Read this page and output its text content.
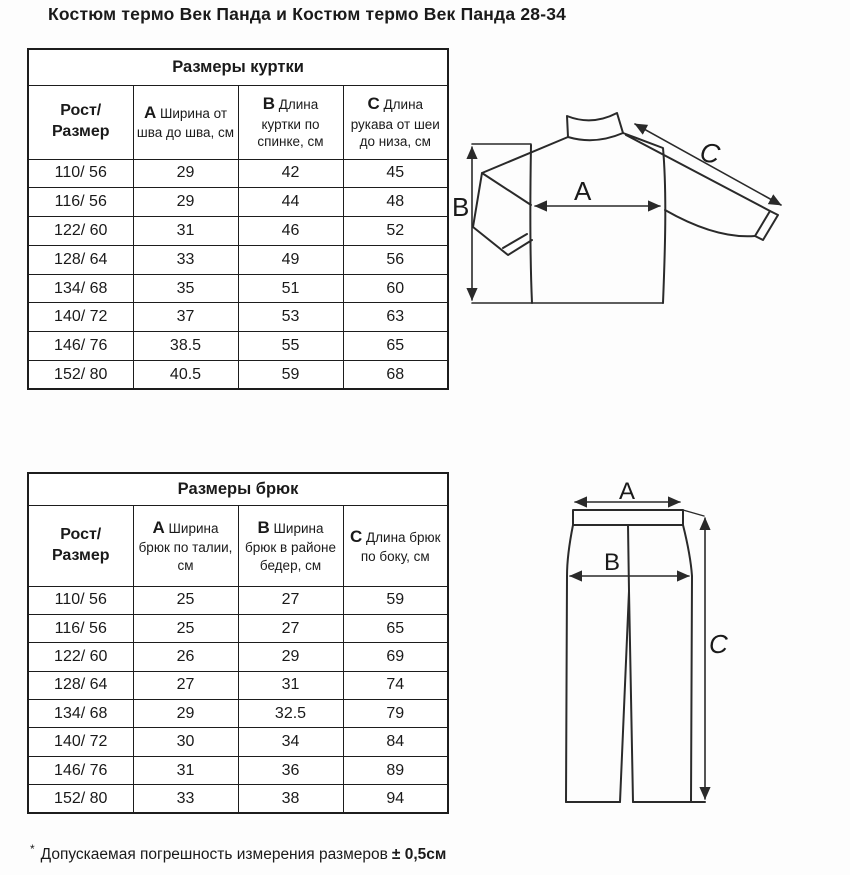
Костюм термо Век Панда и Костюм термо Век Панда 28-34
Размеры куртки			
Рост/Размер	A Ширина от шва до шва, см	B Длина куртки по спинке, см	C Длина рукава от шеи до низа, см
110/ 56	29	42	45
116/ 56	29	44	48
122/ 60	31	46	52
128/ 64	33	49	56
134/ 68	35	51	60
140/ 72	37	53	63
146/ 76	38.5	55	65
152/ 80	40.5	59	68
Размеры брюк			
Рост/Размер	A Ширина брюк по талии, см	B Ширина брюк в районе бедер, см	C Длина брюк по боку, см
110/ 56	25	27	59
116/ 56	25	27	65
122/ 60	26	29	69
128/ 64	27	31	74
134/ 68	29	32.5	79
140/ 72	30	34	84
146/ 76	31	36	89
152/ 80	33	38	94
B
A
C
A
B
C
* Допускаемая погрешность измерения размеров ± 0,5см
